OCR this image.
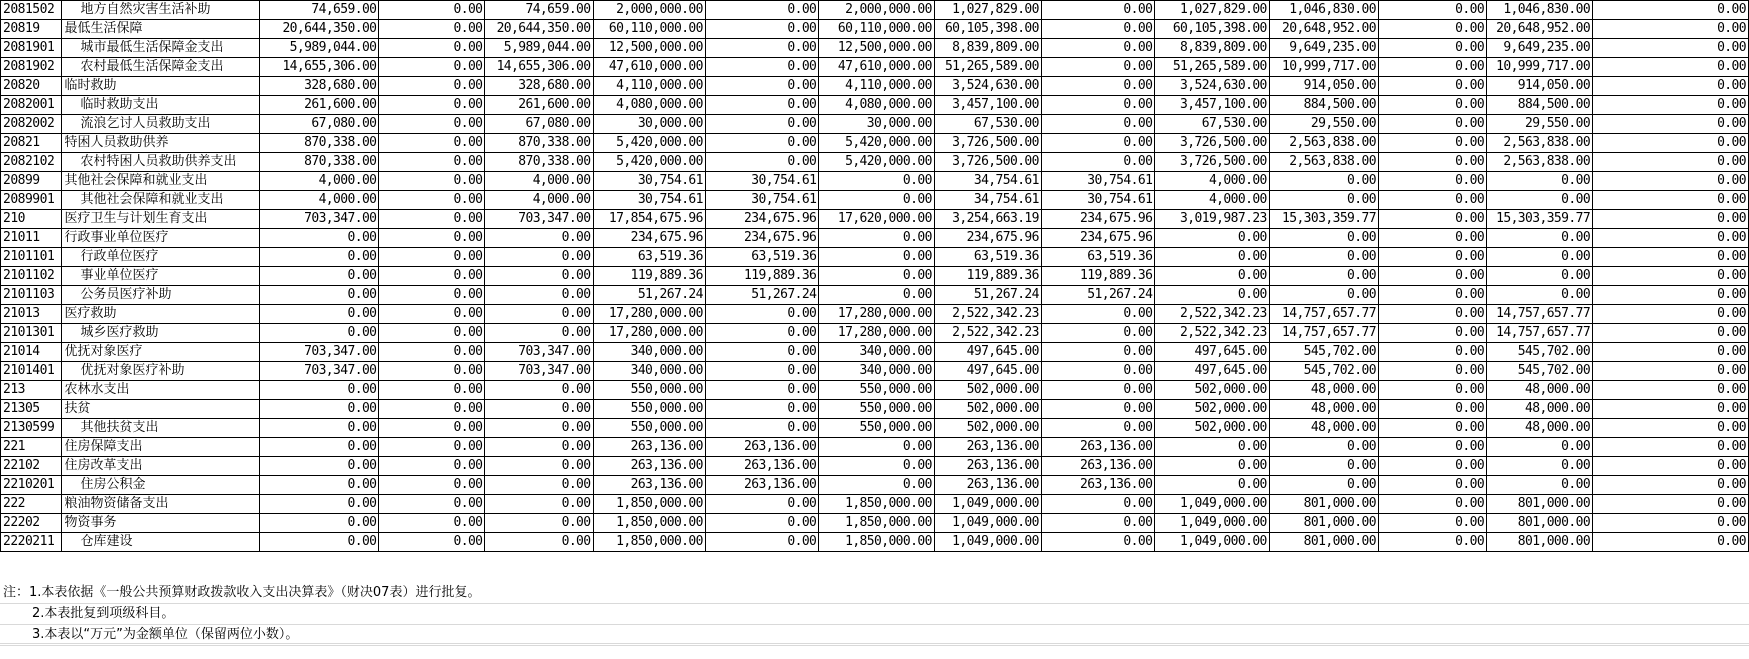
2081502	地方自然灾害生活补助	74,659.00	0.00	74,659.00	2,000,000.00	0.00	2,000,000.00	1,027,829.00	0.00	1,027,829.00	1,046,830.00	0.00	1,046,830.00	0.00
20819	最低生活保障	20,644,350.00	0.00	20,644,350.00	60,110,000.00	0.00	60,110,000.00	60,105,398.00	0.00	60,105,398.00	20,648,952.00	0.00	20,648,952.00	0.00
2081901	城市最低生活保障金支出	5,989,044.00	0.00	5,989,044.00	12,500,000.00	0.00	12,500,000.00	8,839,809.00	0.00	8,839,809.00	9,649,235.00	0.00	9,649,235.00	0.00
2081902	农村最低生活保障金支出	14,655,306.00	0.00	14,655,306.00	47,610,000.00	0.00	47,610,000.00	51,265,589.00	0.00	51,265,589.00	10,999,717.00	0.00	10,999,717.00	0.00
20820	临时救助	328,680.00	0.00	328,680.00	4,110,000.00	0.00	4,110,000.00	3,524,630.00	0.00	3,524,630.00	914,050.00	0.00	914,050.00	0.00
2082001	临时救助支出	261,600.00	0.00	261,600.00	4,080,000.00	0.00	4,080,000.00	3,457,100.00	0.00	3,457,100.00	884,500.00	0.00	884,500.00	0.00
2082002	流浪乞讨人员救助支出	67,080.00	0.00	67,080.00	30,000.00	0.00	30,000.00	67,530.00	0.00	67,530.00	29,550.00	0.00	29,550.00	0.00
20821	特困人员救助供养	870,338.00	0.00	870,338.00	5,420,000.00	0.00	5,420,000.00	3,726,500.00	0.00	3,726,500.00	2,563,838.00	0.00	2,563,838.00	0.00
2082102	农村特困人员救助供养支出	870,338.00	0.00	870,338.00	5,420,000.00	0.00	5,420,000.00	3,726,500.00	0.00	3,726,500.00	2,563,838.00	0.00	2,563,838.00	0.00
20899	其他社会保障和就业支出	4,000.00	0.00	4,000.00	30,754.61	30,754.61	0.00	34,754.61	30,754.61	4,000.00	0.00	0.00	0.00	0.00
2089901	其他社会保障和就业支出	4,000.00	0.00	4,000.00	30,754.61	30,754.61	0.00	34,754.61	30,754.61	4,000.00	0.00	0.00	0.00	0.00
210	医疗卫生与计划生育支出	703,347.00	0.00	703,347.00	17,854,675.96	234,675.96	17,620,000.00	3,254,663.19	234,675.96	3,019,987.23	15,303,359.77	0.00	15,303,359.77	0.00
21011	行政事业单位医疗	0.00	0.00	0.00	234,675.96	234,675.96	0.00	234,675.96	234,675.96	0.00	0.00	0.00	0.00	0.00
2101101	行政单位医疗	0.00	0.00	0.00	63,519.36	63,519.36	0.00	63,519.36	63,519.36	0.00	0.00	0.00	0.00	0.00
2101102	事业单位医疗	0.00	0.00	0.00	119,889.36	119,889.36	0.00	119,889.36	119,889.36	0.00	0.00	0.00	0.00	0.00
2101103	公务员医疗补助	0.00	0.00	0.00	51,267.24	51,267.24	0.00	51,267.24	51,267.24	0.00	0.00	0.00	0.00	0.00
21013	医疗救助	0.00	0.00	0.00	17,280,000.00	0.00	17,280,000.00	2,522,342.23	0.00	2,522,342.23	14,757,657.77	0.00	14,757,657.77	0.00
2101301	城乡医疗救助	0.00	0.00	0.00	17,280,000.00	0.00	17,280,000.00	2,522,342.23	0.00	2,522,342.23	14,757,657.77	0.00	14,757,657.77	0.00
21014	优抚对象医疗	703,347.00	0.00	703,347.00	340,000.00	0.00	340,000.00	497,645.00	0.00	497,645.00	545,702.00	0.00	545,702.00	0.00
2101401	优抚对象医疗补助	703,347.00	0.00	703,347.00	340,000.00	0.00	340,000.00	497,645.00	0.00	497,645.00	545,702.00	0.00	545,702.00	0.00
213	农林水支出	0.00	0.00	0.00	550,000.00	0.00	550,000.00	502,000.00	0.00	502,000.00	48,000.00	0.00	48,000.00	0.00
21305	扶贫	0.00	0.00	0.00	550,000.00	0.00	550,000.00	502,000.00	0.00	502,000.00	48,000.00	0.00	48,000.00	0.00
2130599	其他扶贫支出	0.00	0.00	0.00	550,000.00	0.00	550,000.00	502,000.00	0.00	502,000.00	48,000.00	0.00	48,000.00	0.00
221	住房保障支出	0.00	0.00	0.00	263,136.00	263,136.00	0.00	263,136.00	263,136.00	0.00	0.00	0.00	0.00	0.00
22102	住房改革支出	0.00	0.00	0.00	263,136.00	263,136.00	0.00	263,136.00	263,136.00	0.00	0.00	0.00	0.00	0.00
2210201	住房公积金	0.00	0.00	0.00	263,136.00	263,136.00	0.00	263,136.00	263,136.00	0.00	0.00	0.00	0.00	0.00
222	粮油物资储备支出	0.00	0.00	0.00	1,850,000.00	0.00	1,850,000.00	1,049,000.00	0.00	1,049,000.00	801,000.00	0.00	801,000.00	0.00
22202	物资事务	0.00	0.00	0.00	1,850,000.00	0.00	1,850,000.00	1,049,000.00	0.00	1,049,000.00	801,000.00	0.00	801,000.00	0.00
2220211	仓库建设	0.00	0.00	0.00	1,850,000.00	0.00	1,850,000.00	1,049,000.00	0.00	1,049,000.00	801,000.00	0.00	801,000.00	0.00
注：1.本表依据《一般公共预算财政拨款收入支出决算表》（财决07表）进行批复。
2.本表批复到项级科目。
3.本表以“万元”为金额单位（保留两位小数）。
